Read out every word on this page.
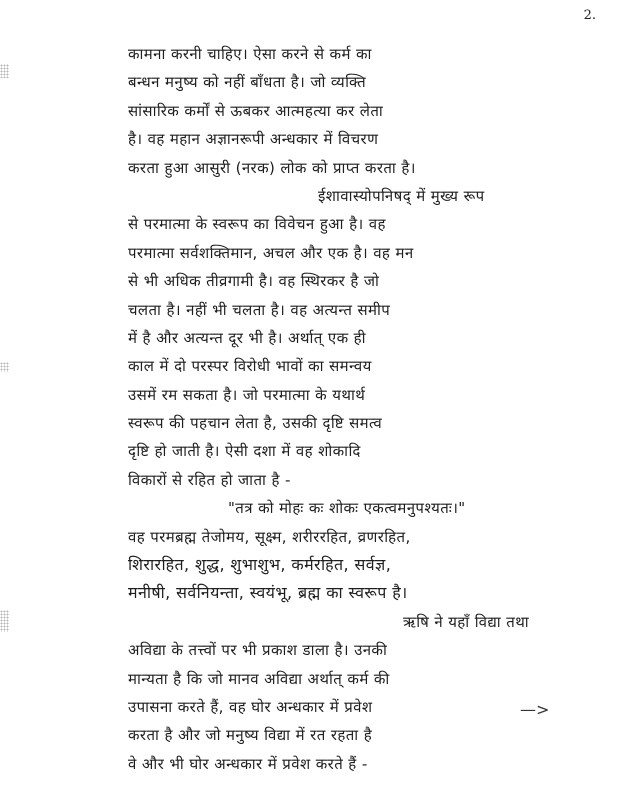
2.
कामना करनी चाहिए। ऐसा करने से कर्म का
बन्धन मनुष्य को नहीं बाँधता है। जो व्यक्ति
सांसारिक कर्मों से ऊबकर आत्महत्या कर लेता
है। वह महान अज्ञानरूपी अन्धकार में विचरण
करता हुआ आसुरी (नरक) लोक को प्राप्त करता है।
ईशावास्योपनिषद् में मुख्य रूप
से परमात्मा के स्वरूप का विवेचन हुआ है। वह
परमात्मा सर्वशक्तिमान, अचल और एक है। वह मन
से भी अधिक तीव्रगामी है। वह स्थिरकर है जो
चलता है। नहीं भी चलता है। वह अत्यन्त समीप
में है और अत्यन्त दूर भी है। अर्थात् एक ही
काल में दो परस्पर विरोधी भावों का समन्वय
उसमें रम सकता है। जो परमात्मा के यथार्थ
स्वरूप की पहचान लेता है, उसकी दृष्टि समत्व
दृष्टि हो जाती है। ऐसी दशा में वह शोकादि
विकारों से रहित हो जाता है -
"तत्र को मोहः कः शोकः एकत्वमनुपश्यतः।"
वह परमब्रह्म तेजोमय, सूक्ष्म, शरीररहित, व्रणरहित,
शिरारहित, शुद्ध, शुभाशुभ, कर्मरहित, सर्वज्ञ,
मनीषी, सर्वनियन्ता, स्वयंभू, ब्रह्म का स्वरूप है।
ऋषि ने यहाँ विद्या तथा
अविद्या के तत्त्वों पर भी प्रकाश डाला है। उनकी
मान्यता है कि जो मानव अविद्या अर्थात् कर्म की
उपासना करते हैं, वह घोर अन्धकार में प्रवेश
करता है और जो मनुष्य विद्या में रत रहता है
वे और भी घोर अन्धकार में प्रवेश करते हैं -
—>
